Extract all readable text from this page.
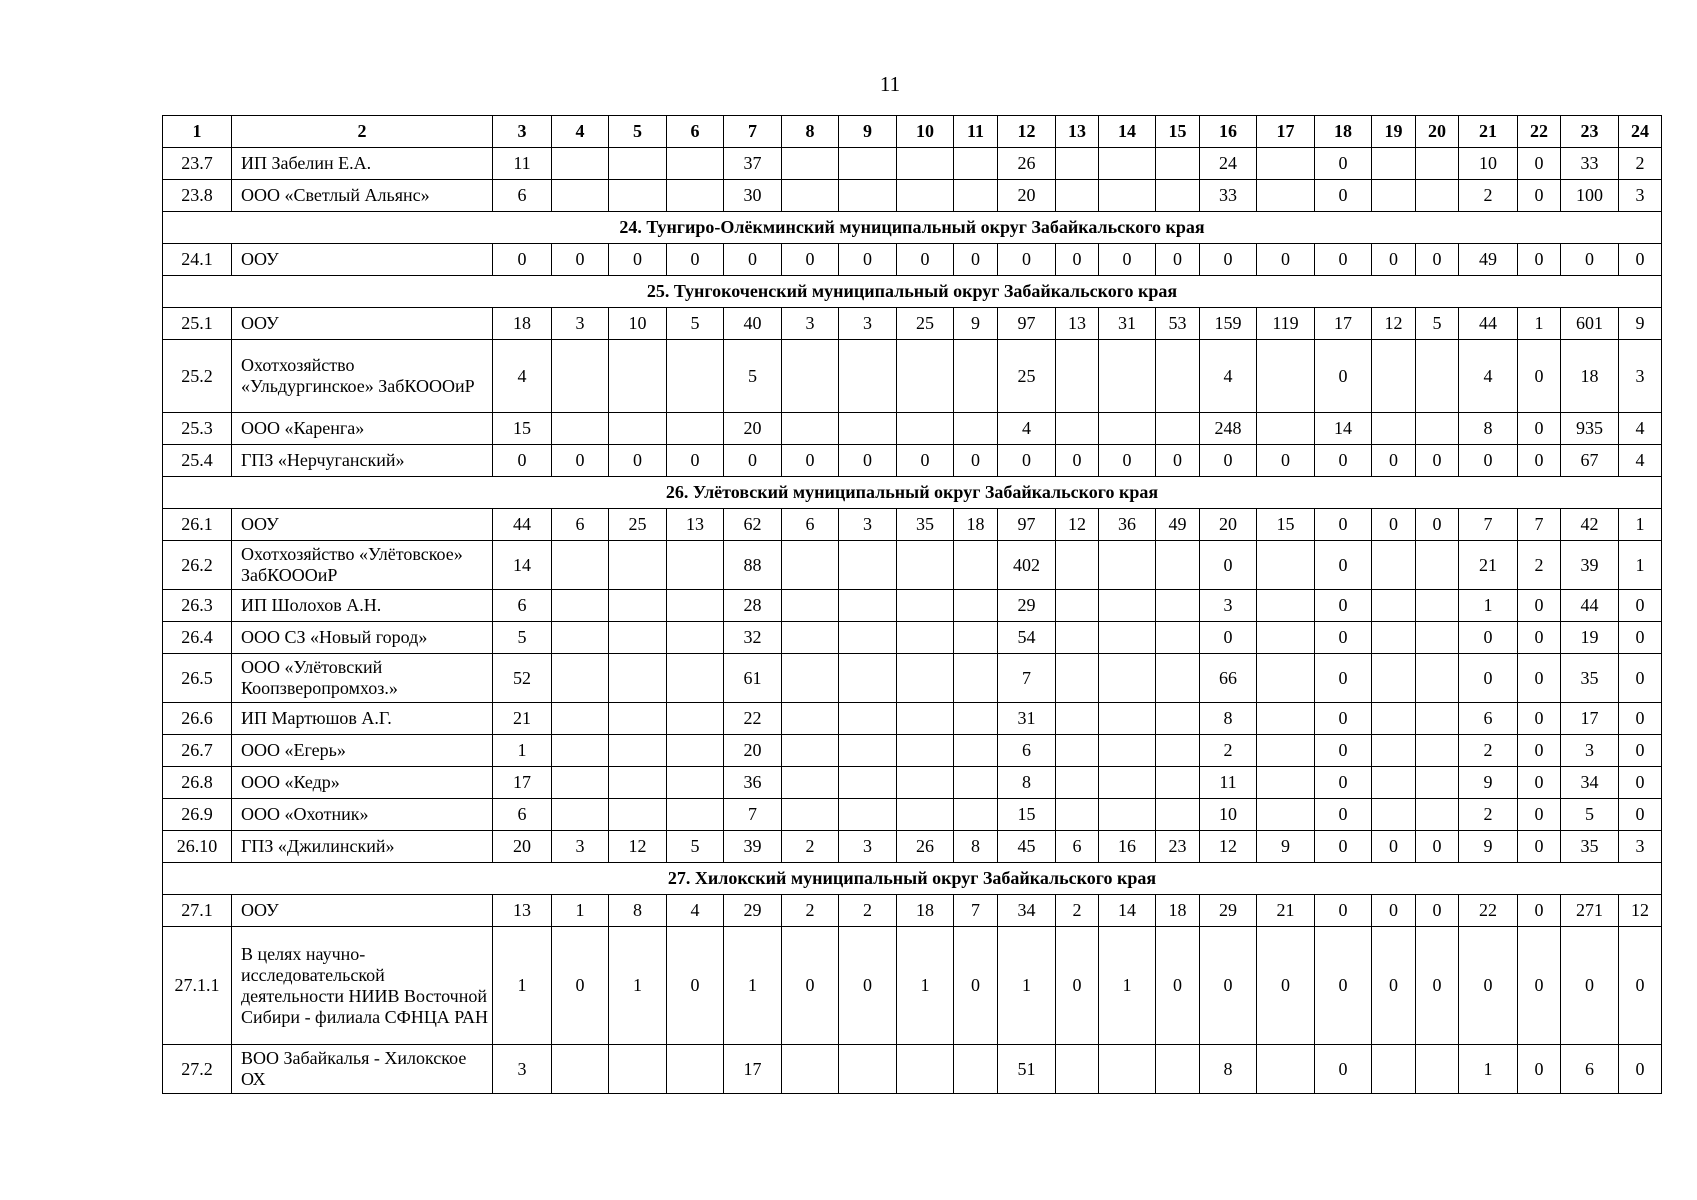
11
1	2	3	4	5	6	7	8	9	10	11	12	13	14	15	16	17	18	19	20	21	22	23	24
23.7	ИП Забелин Е.А.	11				37					26				24		0			10	0	33	2
23.8	ООО «Светлый Альянс»	6				30					20				33		0			2	0	100	3
24. Тунгиро-Олёкминский муниципальный округ Забайкальского края																							
24.1	ООУ	0	0	0	0	0	0	0	0	0	0	0	0	0	0	0	0	0	0	49	0	0	0
25. Тунгокоченский муниципальный округ Забайкальского края																							
25.1	ООУ	18	3	10	5	40	3	3	25	9	97	13	31	53	159	119	17	12	5	44	1	601	9
25.2	Охотхозяйство «Ульдургинское» ЗабКОООиР	4				5					25				4		0			4	0	18	3
25.3	ООО «Каренга»	15				20					4				248		14			8	0	935	4
25.4	ГПЗ «Нерчуганский»	0	0	0	0	0	0	0	0	0	0	0	0	0	0	0	0	0	0	0	0	67	4
26. Улётовский муниципальный округ Забайкальского края																							
26.1	ООУ	44	6	25	13	62	6	3	35	18	97	12	36	49	20	15	0	0	0	7	7	42	1
26.2	Охотхозяйство «Улётовское» ЗабКОООиР	14				88					402				0		0			21	2	39	1
26.3	ИП Шолохов А.Н.	6				28					29				3		0			1	0	44	0
26.4	ООО СЗ «Новый город»	5				32					54				0		0			0	0	19	0
26.5	ООО «Улётовский Коопзверопромхоз.»	52				61					7				66		0			0	0	35	0
26.6	ИП Мартюшов А.Г.	21				22					31				8		0			6	0	17	0
26.7	ООО «Егерь»	1				20					6				2		0			2	0	3	0
26.8	ООО «Кедр»	17				36					8				11		0			9	0	34	0
26.9	ООО «Охотник»	6				7					15				10		0			2	0	5	0
26.10	ГПЗ «Джилинский»	20	3	12	5	39	2	3	26	8	45	6	16	23	12	9	0	0	0	9	0	35	3
27. Хилокский муниципальный округ Забайкальского края																							
27.1	ООУ	13	1	8	4	29	2	2	18	7	34	2	14	18	29	21	0	0	0	22	0	271	12
27.1.1	В целях научно-исследовательской деятельности НИИВ Восточной Сибири - филиала СФНЦА РАН	1	0	1	0	1	0	0	1	0	1	0	1	0	0	0	0	0	0	0	0	0	0
27.2	ВОО Забайкалья - Хилокское ОХ	3				17					51				8		0			1	0	6	0
